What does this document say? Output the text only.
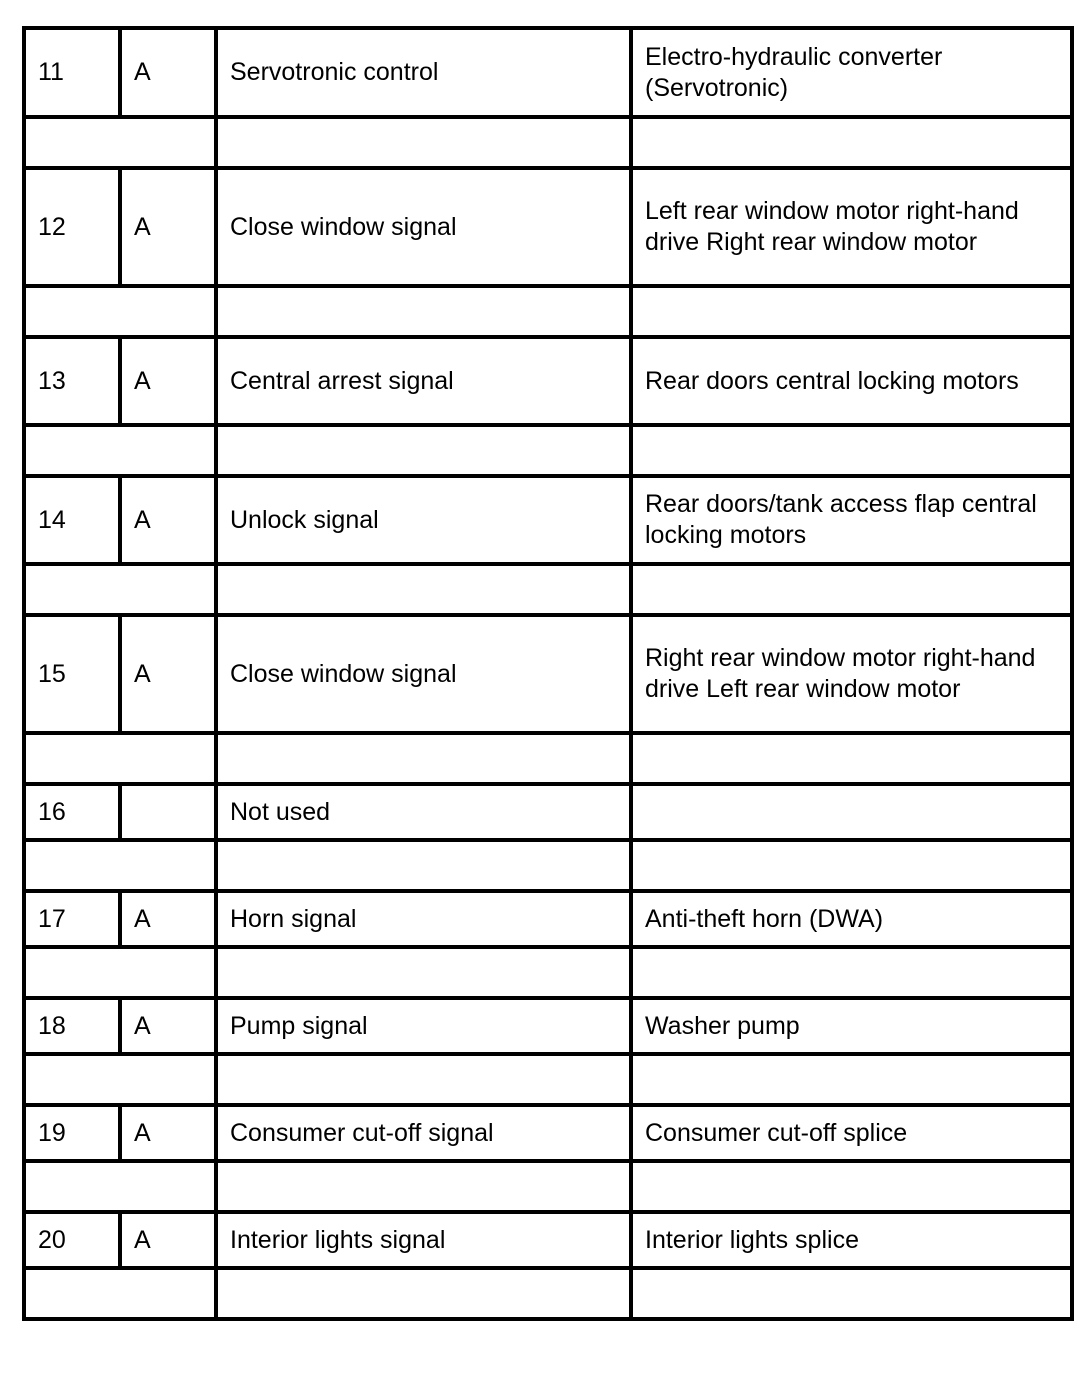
11	A	Servotronic control	Electro-hydraulic converter (Servotronic)

12	A	Close window signal	Left rear window motor right-hand drive Right rear window motor

13	A	Central arrest signal	Rear doors central locking motors

14	A	Unlock signal	Rear doors/tank access flap central locking motors

15	A	Close window signal	Right rear window motor right-hand drive Left rear window motor

16		Not used	

17	A	Horn signal	Anti-theft horn (DWA)

18	A	Pump signal	Washer pump

19	A	Consumer cut-off signal	Consumer cut-off splice

20	A	Interior lights signal	Interior lights splice
